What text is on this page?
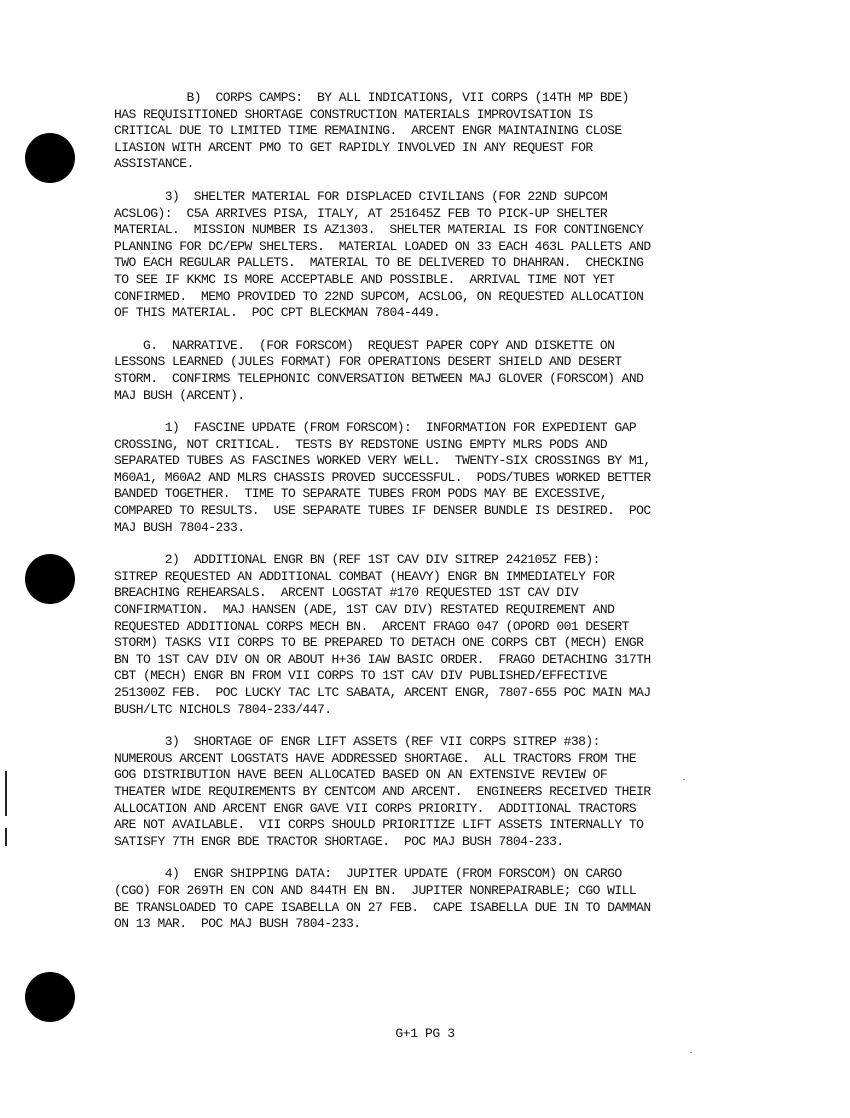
B)  CORPS CAMPS:  BY ALL INDICATIONS, VII CORPS (14TH MP BDE)
HAS REQUISITIONED SHORTAGE CONSTRUCTION MATERIALS IMPROVISATION IS
CRITICAL DUE TO LIMITED TIME REMAINING.  ARCENT ENGR MAINTAINING CLOSE
LIASION WITH ARCENT PMO TO GET RAPIDLY INVOLVED IN ANY REQUEST FOR
ASSISTANCE.

3)  SHELTER MATERIAL FOR DISPLACED CIVILIANS (FOR 22ND SUPCOM
ACSLOG):  C5A ARRIVES PISA, ITALY, AT 251645Z FEB TO PICK-UP SHELTER
MATERIAL.  MISSION NUMBER IS AZ1303.  SHELTER MATERIAL IS FOR CONTINGENCY
PLANNING FOR DC/EPW SHELTERS.  MATERIAL LOADED ON 33 EACH 463L PALLETS AND
TWO EACH REGULAR PALLETS.  MATERIAL TO BE DELIVERED TO DHAHRAN.  CHECKING
TO SEE IF KKMC IS MORE ACCEPTABLE AND POSSIBLE.  ARRIVAL TIME NOT YET
CONFIRMED.  MEMO PROVIDED TO 22ND SUPCOM, ACSLOG, ON REQUESTED ALLOCATION
OF THIS MATERIAL.  POC CPT BLECKMAN 7804-449.

G.  NARRATIVE.  (FOR FORSCOM)  REQUEST PAPER COPY AND DISKETTE ON
LESSONS LEARNED (JULES FORMAT) FOR OPERATIONS DESERT SHIELD AND DESERT
STORM.  CONFIRMS TELEPHONIC CONVERSATION BETWEEN MAJ GLOVER (FORSCOM) AND
MAJ BUSH (ARCENT).

1)  FASCINE UPDATE (FROM FORSCOM):  INFORMATION FOR EXPEDIENT GAP
CROSSING, NOT CRITICAL.  TESTS BY REDSTONE USING EMPTY MLRS PODS AND
SEPARATED TUBES AS FASCINES WORKED VERY WELL.  TWENTY-SIX CROSSINGS BY M1,
M60A1, M60A2 AND MLRS CHASSIS PROVED SUCCESSFUL.  PODS/TUBES WORKED BETTER
BANDED TOGETHER.  TIME TO SEPARATE TUBES FROM PODS MAY BE EXCESSIVE,
COMPARED TO RESULTS.  USE SEPARATE TUBES IF DENSER BUNDLE IS DESIRED.  POC
MAJ BUSH 7804-233.

2)  ADDITIONAL ENGR BN (REF 1ST CAV DIV SITREP 242105Z FEB):
SITREP REQUESTED AN ADDITIONAL COMBAT (HEAVY) ENGR BN IMMEDIATELY FOR
BREACHING REHEARSALS.  ARCENT LOGSTAT #170 REQUESTED 1ST CAV DIV
CONFIRMATION.  MAJ HANSEN (ADE, 1ST CAV DIV) RESTATED REQUIREMENT AND
REQUESTED ADDITIONAL CORPS MECH BN.  ARCENT FRAGO 047 (OPORD 001 DESERT
STORM) TASKS VII CORPS TO BE PREPARED TO DETACH ONE CORPS CBT (MECH) ENGR
BN TO 1ST CAV DIV ON OR ABOUT H+36 IAW BASIC ORDER.  FRAGO DETACHING 317TH
CBT (MECH) ENGR BN FROM VII CORPS TO 1ST CAV DIV PUBLISHED/EFFECTIVE
251300Z FEB.  POC LUCKY TAC LTC SABATA, ARCENT ENGR, 7807-655 POC MAIN MAJ
BUSH/LTC NICHOLS 7804-233/447.

3)  SHORTAGE OF ENGR LIFT ASSETS (REF VII CORPS SITREP #38):
NUMEROUS ARCENT LOGSTATS HAVE ADDRESSED SHORTAGE.  ALL TRACTORS FROM THE
GOG DISTRIBUTION HAVE BEEN ALLOCATED BASED ON AN EXTENSIVE REVIEW OF
THEATER WIDE REQUIREMENTS BY CENTCOM AND ARCENT.  ENGINEERS RECEIVED THEIR
ALLOCATION AND ARCENT ENGR GAVE VII CORPS PRIORITY.  ADDITIONAL TRACTORS
ARE NOT AVAILABLE.  VII CORPS SHOULD PRIORITIZE LIFT ASSETS INTERNALLY TO
SATISFY 7TH ENGR BDE TRACTOR SHORTAGE.  POC MAJ BUSH 7804-233.

4)  ENGR SHIPPING DATA:  JUPITER UPDATE (FROM FORSCOM) ON CARGO
(CGO) FOR 269TH EN CON AND 844TH EN BN.  JUPITER NONREPAIRABLE; CGO WILL
BE TRANSLOADED TO CAPE ISABELLA ON 27 FEB.  CAPE ISABELLA DUE IN TO DAMMAN
ON 13 MAR.  POC MAJ BUSH 7804-233.

G+1 PG 3
